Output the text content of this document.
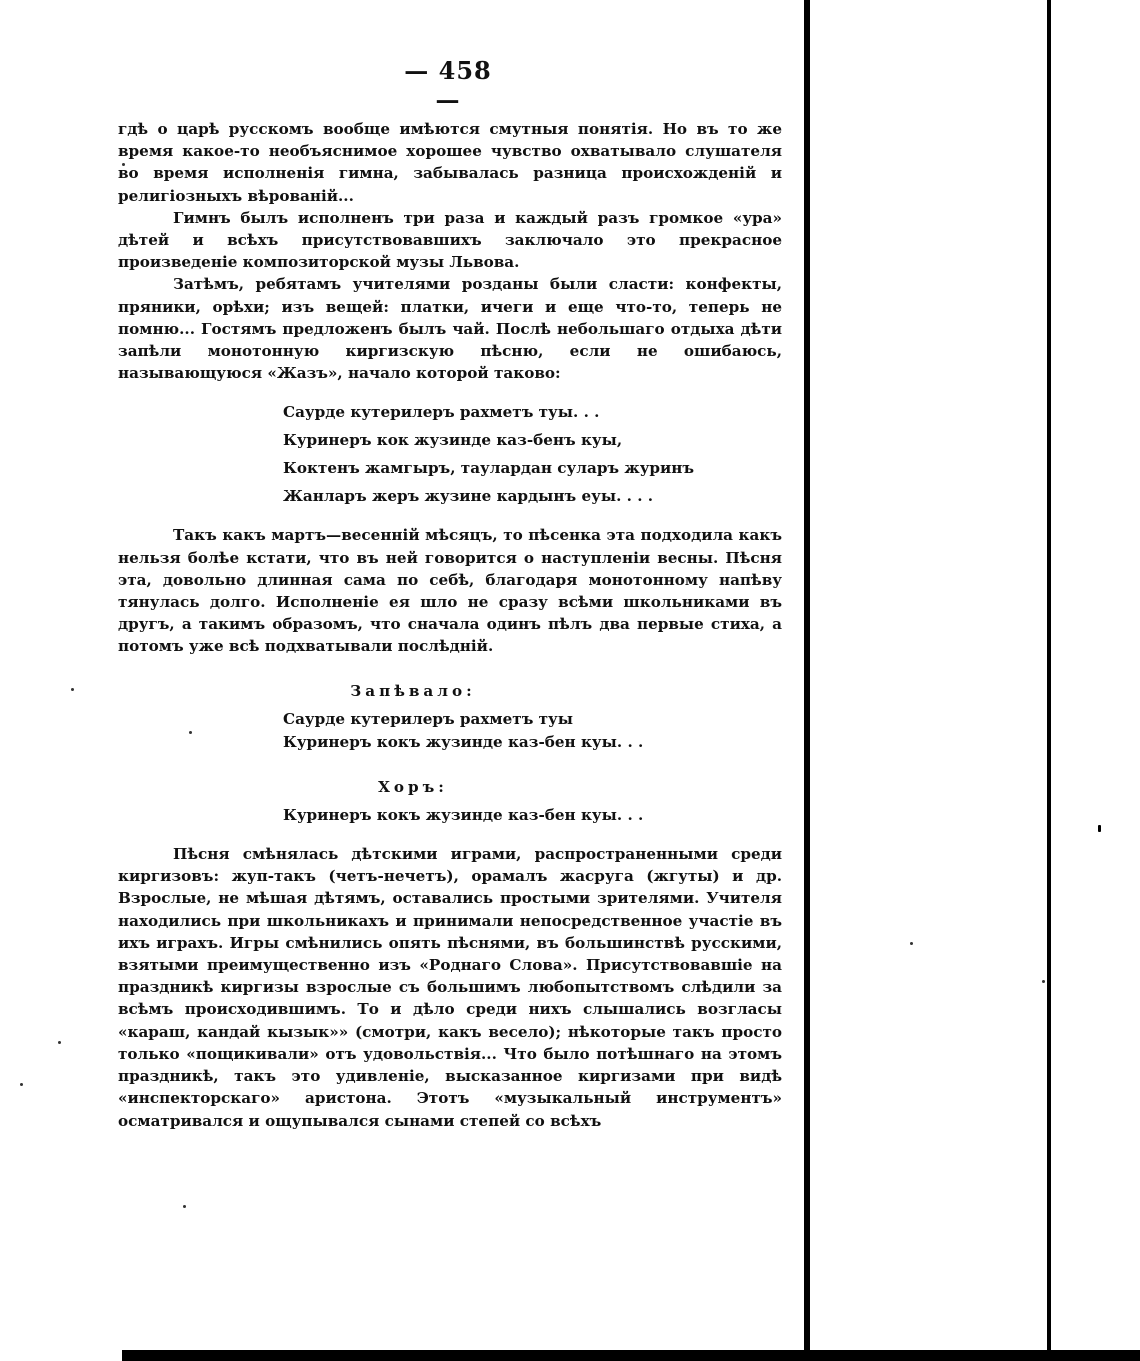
— 458 —

гдѣ о царѣ русскомъ вообще имѣются смутныя понятія. Но въ то же время какое-то необъяснимое хорошее чувство охватывало слушателя во время исполненія гимна, забывалась разница происхожденій и религіозныхъ вѣрованій...

Гимнъ былъ исполненъ три раза и каждый разъ громкое «ура» дѣтей и всѣхъ присутствовавшихъ заключало это прекрасное произведеніе композиторской музы Львова.

Затѣмъ, ребятамъ учителями розданы были сласти: конфекты, пряники, орѣхи; изъ вещей: платки, ичеги и еще что-то, теперь не помню... Гостямъ предложенъ былъ чай. Послѣ небольшаго отдыха дѣти запѣли монотонную киргизскую пѣсню, если не ошибаюсь, называющуюся «Жазъ», начало которой таково:

Саурде кутерилеръ рахметъ туы. . .
Куринеръ кок жузинде каз-бенъ куы,
Коктенъ жамгыръ, таулардан суларъ журинъ
Жанларъ жеръ жузине кардынъ еуы. . . .

Такъ какъ мартъ—весенній мѣсяцъ, то пѣсенка эта подходила какъ нельзя болѣе кстати, что въ ней говорится о наступленіи весны. Пѣсня эта, довольно длинная сама по себѣ, благодаря монотонному напѣву тянулась долго. Исполненіе ея шло не сразу всѣми школьниками въ другъ, а такимъ образомъ, что сначала одинъ пѣлъ два первые стиха, а потомъ уже всѣ подхватывали послѣдній.

Запѣвало:
Саурде кутерилеръ рахметъ туы
Куринеръ кокъ жузинде каз-бен куы. . .
Хоръ:
Куринеръ кокъ жузинде каз-бен куы. . .

Пѣсня смѣнялась дѣтскими играми, распространенными среди киргизовъ: жуп-такъ (четъ-нечетъ), орамалъ жасруга (жгуты) и др. Взрослые, не мѣшая дѣтямъ, оставались простыми зрителями. Учителя находились при школьникахъ и принимали непосредственное участіе въ ихъ играхъ. Игры смѣнились опять пѣснями, въ большинствѣ русскими, взятыми преимущественно изъ «Роднаго Слова». Присутствовавшіе на праздникѣ киргизы взрослые съ большимъ любопытствомъ слѣдили за всѣмъ происходившимъ. То и дѣло среди нихъ слышались возгласы «караш, кандай кызык»» (смотри, какъ весело); нѣкоторые такъ просто только «пощикивали» отъ удовольствія... Что было потѣшнаго на этомъ праздникѣ, такъ это удивленіе, высказанное киргизами при видѣ «инспекторскаго» аристона. Этотъ «музыкальный инструментъ» осматривался и ощупывался сынами степей со всѣхъ
